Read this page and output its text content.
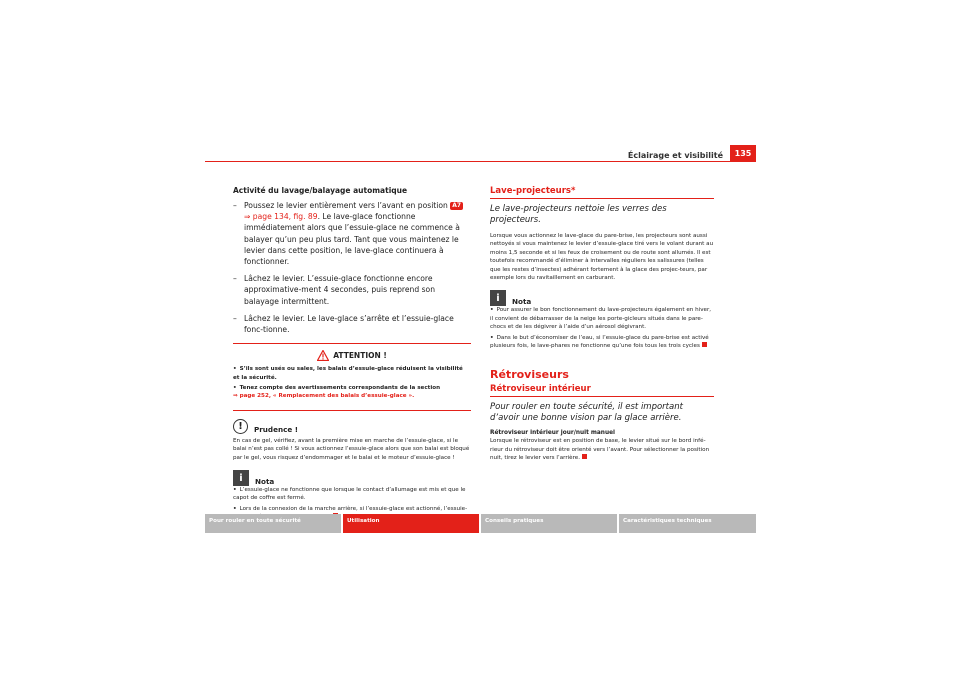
Éclairage et visibilité	135
Activité du lavage/balayage automatique
– Poussez le levier entièrement vers l’avant en position A7 ⇒ page 134, fig. 89. Le lave-glace fonctionne immédiatement alors que l’essuie-glace ne commence à balayer qu’un peu plus tard. Tant que vous maintenez le levier dans cette position, le lave-glace continuera à fonctionner.
– Lâchez le levier. L’essuie-glace fonctionne encore approximative-ment 4 secondes, puis reprend son balayage intermittent.
– Lâchez le levier. Le lave-glace s’arrête et l’essuie-glace fonc-tionne.
ATTENTION !

• S’ils sont usés ou sales, les balais d’essuie-glace réduisent la visibilité et la sécurité.

• Tenez compte des avertissements correspondants de la section
⇒ page 252, « Remplacement des balais d’essuie-glace ».

!	Prudence !

En cas de gel, vérifiez, avant la première mise en marche de l’essuie-glace, si le balai n’est pas collé ! Si vous actionnez l’essuie-glace alors que son balai est bloqué par le gel, vous risquez d’endommager et le balai et le moteur d’essuie-glace !

i	Nota

• L’essuie-glace ne fonctionne que lorsque le contact d’allumage est mis et que le capot de coffre est fermé.

• Lors de la connexion de la marche arrière, si l’essuie-glace est actionné, l’essuie-

Lave-projecteurs*
Le lave-projecteurs nettoie les verres des projecteurs.

Lorsque vous actionnez le lave-glace du pare-brise, les projecteurs sont aussi nettoyés si vous maintenez le levier d’essuie-glace tiré vers le volant durant au moins 1,5 seconde et si les feux de croisement ou de route sont allumés. Il est toutefois recommandé d’éliminer à intervalles réguliers les salissures (telles que les restes d’insectes) adhérant fortement à la glace des projec-teurs, par exemple lors du ravitaillement en carburant.

i	Nota

• Pour assurer le bon fonctionnement du lave-projecteurs également en hiver, il convient de débarrasser de la neige les porte-gicleurs situés dans le pare-chocs et de les dégivrer à l’aide d’un aérosol dégivrant.

• Dans le but d’économiser de l’eau, si l’essuie-glace du pare-brise est activé plusieurs fois, le lave-phares ne fonctionne qu’une fois tous les trois cycles

Rétroviseurs
Rétroviseur intérieur
Pour rouler en toute sécurité, il est important d’avoir une bonne vision par la glace arrière.
Rétroviseur intérieur jour/nuit manuel

Lorsque le rétroviseur est en position de base, le levier situé sur le bord infé-rieur du rétroviseur doit être orienté vers l’avant. Pour sélectionner la position nuit, tirez le levier vers l’arrière.

Pour rouler en toute sécurité	Utilisation	Conseils pratiques	Caractéristiques techniques
